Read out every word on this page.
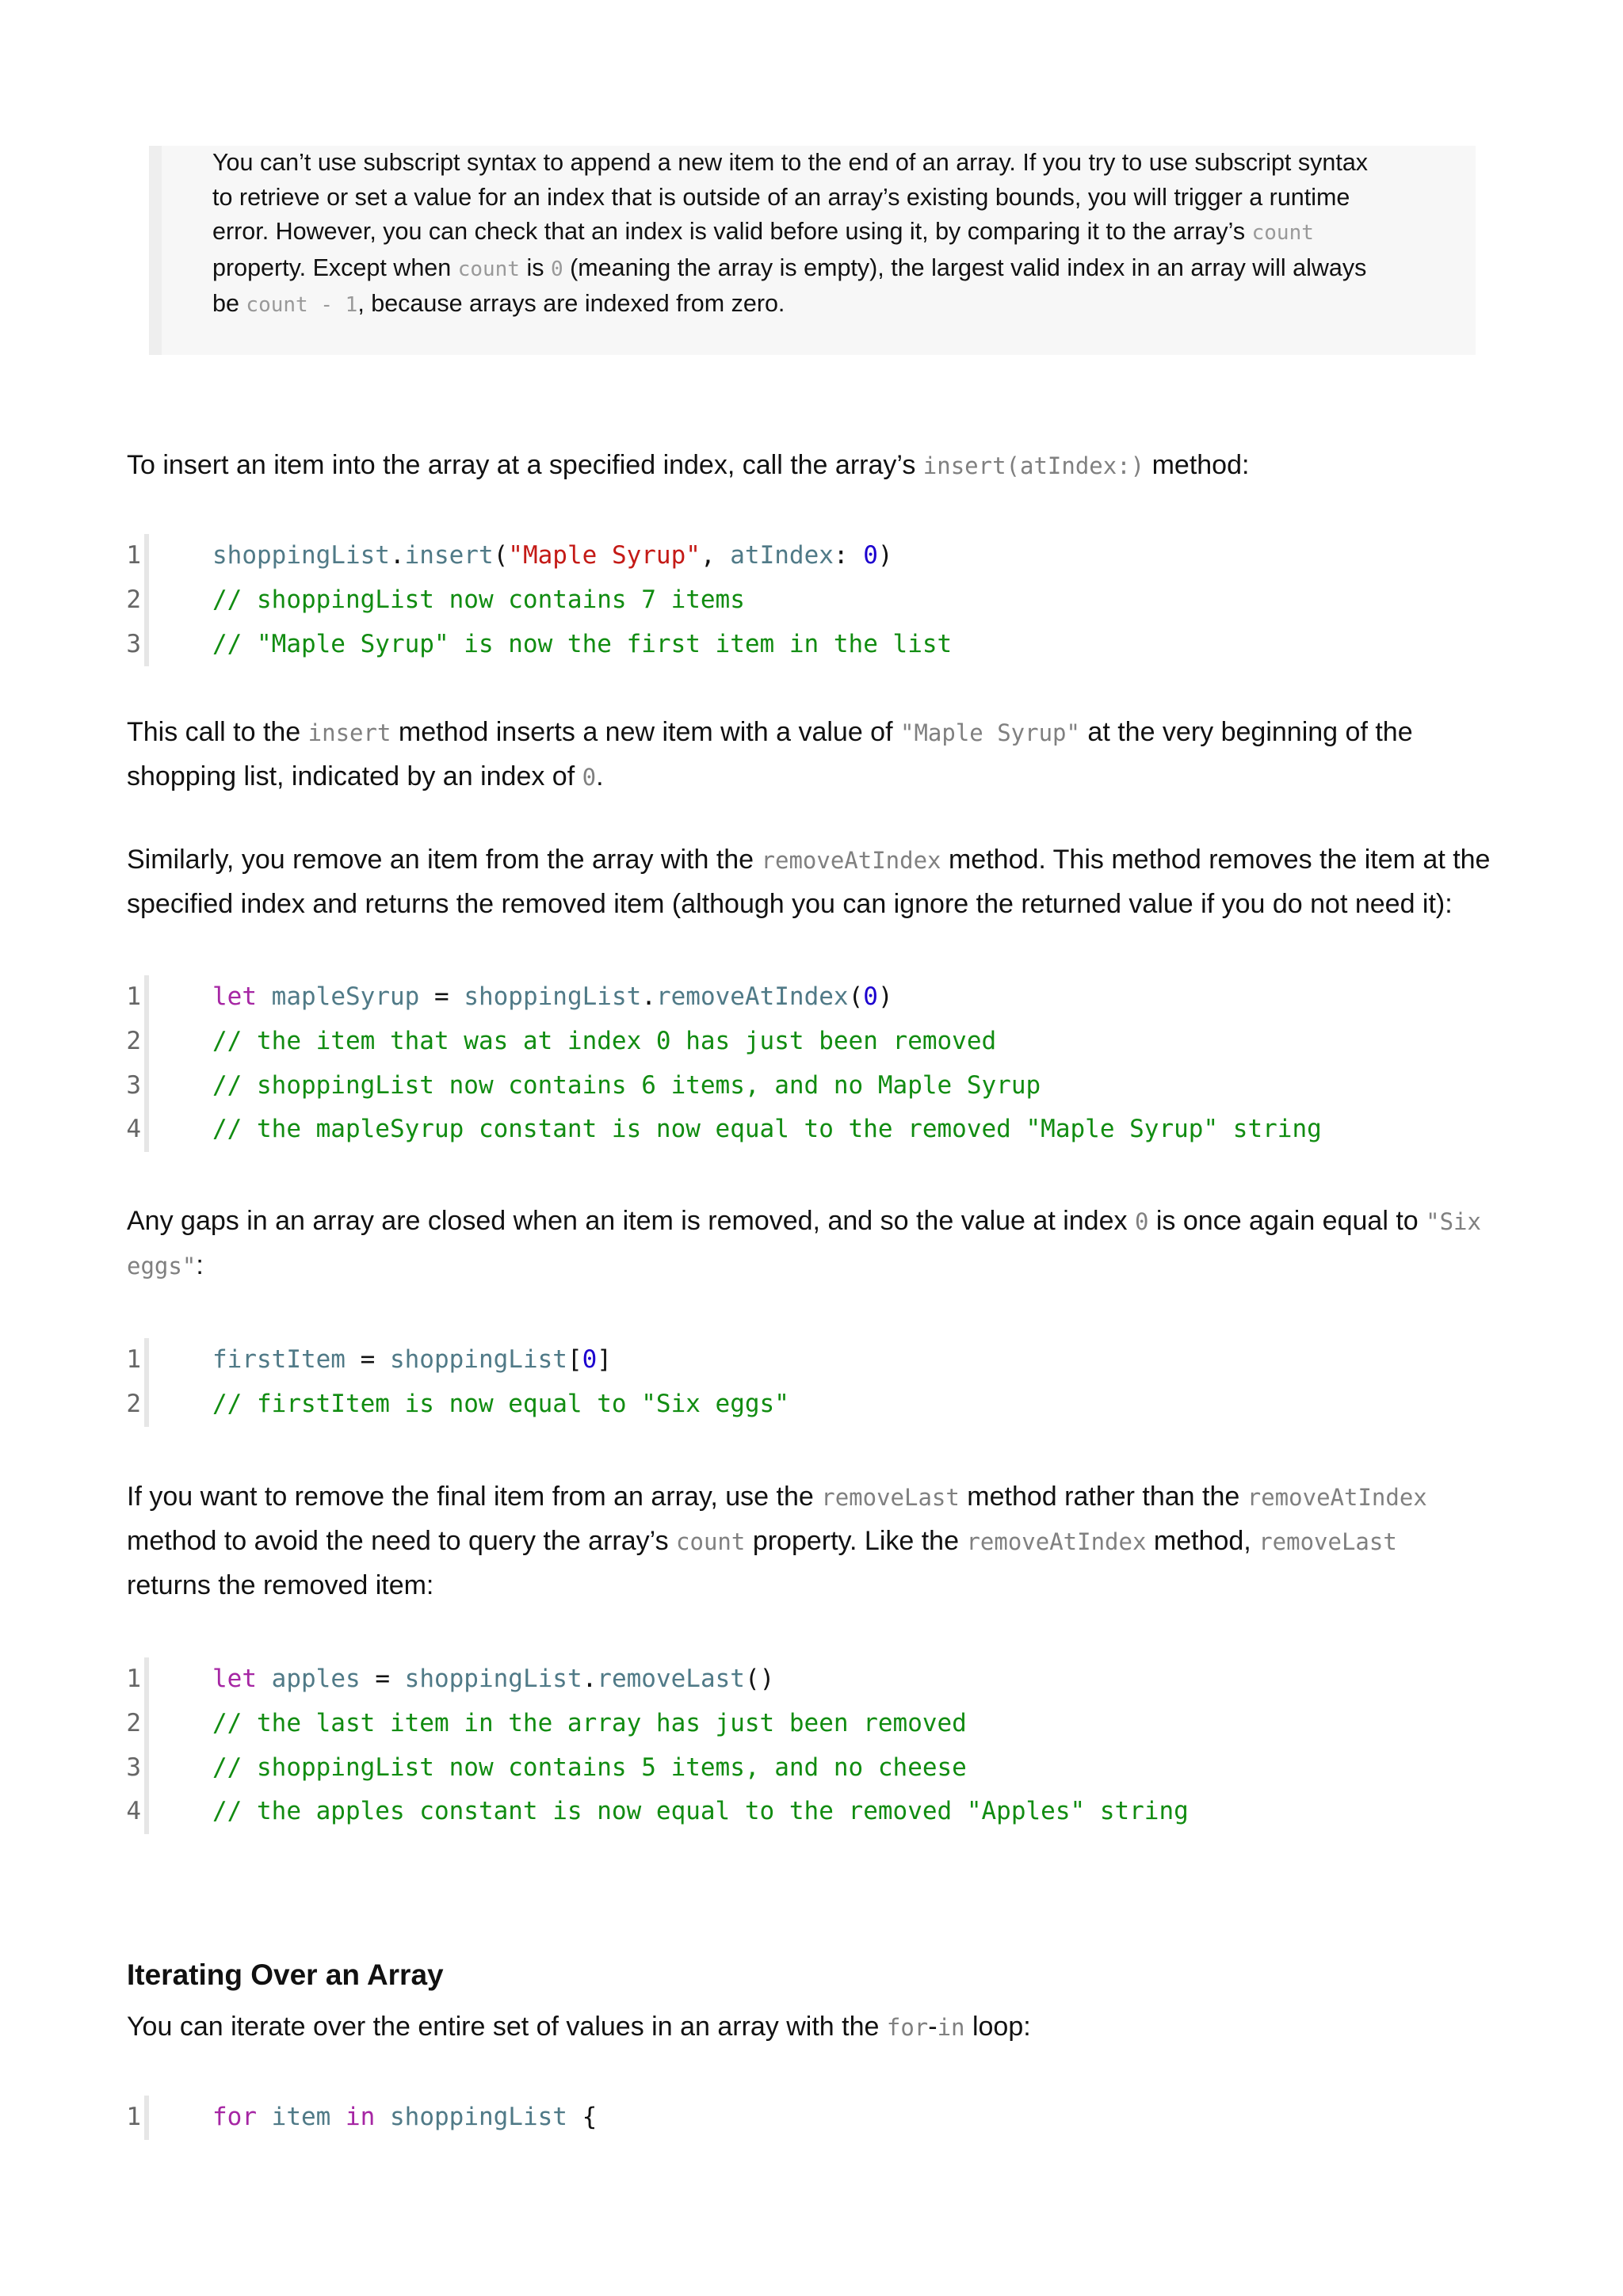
You can’t use subscript syntax to append a new item to the end of an array. If you try to use subscript syntax
to retrieve or set a value for an index that is outside of an array’s existing bounds, you will trigger a runtime
error. However, you can check that an index is valid before using it, by comparing it to the array’s count
property. Except when count is 0 (meaning the array is empty), the largest valid index in an array will always
be count - 1, because arrays are indexed from zero.

To insert an item into the array at a specified index, call the array’s insert(atIndex:) method:

1	shoppingList.insert("Maple Syrup", atIndex: 0)
2	// shoppingList now contains 7 items
3	// "Maple Syrup" is now the first item in the list

This call to the insert method inserts a new item with a value of "Maple Syrup" at the very beginning of the
shopping list, indicated by an index of 0.

Similarly, you remove an item from the array with the removeAtIndex method. This method removes the item at the
specified index and returns the removed item (although you can ignore the returned value if you do not need it):

1	let mapleSyrup = shoppingList.removeAtIndex(0)
2	// the item that was at index 0 has just been removed
3	// shoppingList now contains 6 items, and no Maple Syrup
4	// the mapleSyrup constant is now equal to the removed "Maple Syrup" string

Any gaps in an array are closed when an item is removed, and so the value at index 0 is once again equal to "Six
eggs":

1	firstItem = shoppingList[0]
2	// firstItem is now equal to "Six eggs"

If you want to remove the final item from an array, use the removeLast method rather than the removeAtIndex
method to avoid the need to query the array’s count property. Like the removeAtIndex method, removeLast
returns the removed item:

1	let apples = shoppingList.removeLast()
2	// the last item in the array has just been removed
3	// shoppingList now contains 5 items, and no cheese
4	// the apples constant is now equal to the removed "Apples" string
Iterating Over an Array

You can iterate over the entire set of values in an array with the for-in loop:

1	for item in shoppingList {
